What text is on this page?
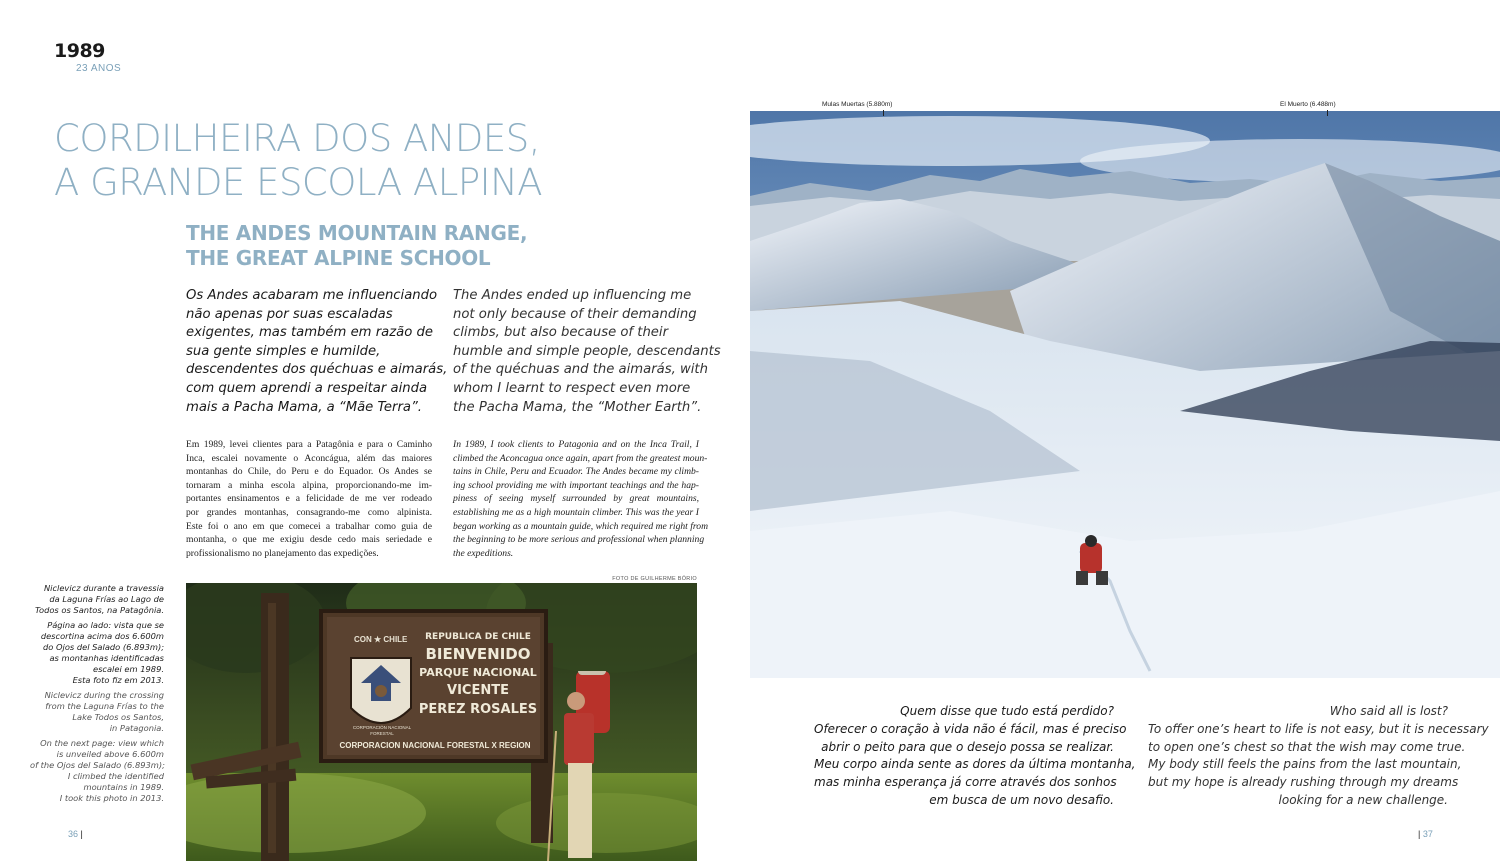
1989
23 ANOS
CORDILHEIRA DOS ANDES,
A GRANDE ESCOLA ALPINA
THE ANDES MOUNTAIN RANGE,
THE GREAT ALPINE SCHOOL
Os Andes acabaram me influenciando
não apenas por suas escaladas
exigentes, mas também em razão de
sua gente simples e humilde,
descendentes dos quéchuas e aimarás,
com quem aprendi a respeitar ainda
mais a Pacha Mama, a “Mãe Terra”.
The Andes ended up influencing me
not only because of their demanding
climbs, but also because of their
humble and simple people, descendants
of the quéchuas and the aimarás, with
whom I learnt to respect even more
the Pacha Mama, the “Mother Earth”.
Em 1989, levei clientes para a Patagônia e para o Caminho
Inca, escalei novamente o Aconcágua, além das maiores
montanhas do Chile, do Peru e do Equador. Os Andes se
tornaram a minha escola alpina, proporcionando-me im-
portantes ensinamentos e a felicidade de me ver rodeado
por grandes montanhas, consagrando-me como alpinista.
Este foi o ano em que comecei a trabalhar como guia de
montanha, o que me exigiu desde cedo mais seriedade e
profissionalismo no planejamento das expedições.
In 1989, I took clients to Patagonia and on the Inca Trail, I
climbed the Aconcagua once again, apart from the greatest moun-
tains in Chile, Peru and Ecuador. The Andes became my climb-
ing school providing me with important teachings and the hap-
piness of seeing myself surrounded by great mountains,
establishing me as a high mountain climber. This was the year I
began working as a mountain guide, which required me right from
the beginning to be more serious and professional when planning
the expeditions.
FOTO DE GUILHERME BÖRIO
Niclevicz durante a travessia
da Laguna Frías ao Lago de
Todos os Santos, na Patagônia.
Página ao lado: vista que se
descortina acima dos 6.600m
do Ojos del Salado (6.893m);
as montanhas identificadas
escalei em 1989.
Esta foto fiz em 2013.
Niclevicz during the crossing
from the Laguna Frías to the
Lake Todos os Santos,
in Patagonia.
On the next page: view which
is unveiled above 6.600m
of the Ojos del Salado (6.893m);
I climbed the identified
mountains in 1989.
I took this photo in 2013.
CON ★ CHILE
CORPORACIÓN NACIONAL FORESTAL
REPUBLICA DE CHILE
BIENVENIDO
PARQUE NACIONAL
VICENTE
PEREZ ROSALES
CORPORACION NACIONAL FORESTAL X REGION
Mulas Muertas (5.880m)	El Muerto (6.488m)
Quem disse que tudo está perdido?
Oferecer o coração à vida não é fácil, mas é preciso
abrir o peito para que o desejo possa se realizar.
Meu corpo ainda sente as dores da última montanha,
mas minha esperança já corre através dos sonhos
em busca de um novo desafio.
Who said all is lost?
To offer one’s heart to life is not easy, but it is necessary
to open one’s chest so that the wish may come true.
My body still feels the pains from the last mountain,
but my hope is already rushing through my dreams
looking for a new challenge.
36 |	| 37
